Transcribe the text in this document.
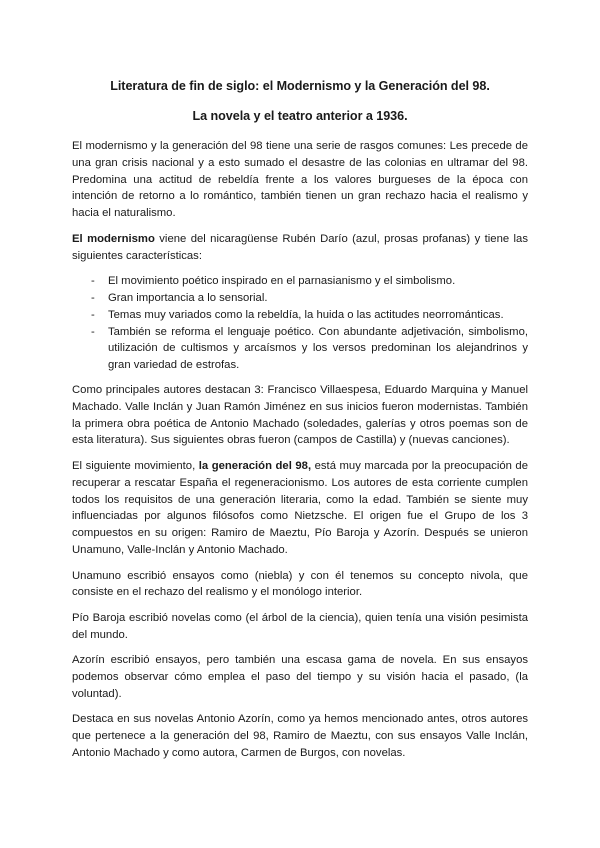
Literatura de fin de siglo: el Modernismo y la Generación del 98.
La novela y el teatro anterior a 1936.

El modernismo y la generación del 98 tiene una serie de rasgos comunes: Les precede de una gran crisis nacional y a esto sumado el desastre de las colonias en ultramar del 98. Predomina una actitud de rebeldía frente a los valores burgueses de la época con intención de retorno a lo romántico, también tienen un gran rechazo hacia el realismo y hacia el naturalismo.

El modernismo viene del nicaragüense Rubén Darío (azul, prosas profanas) y tiene las siguientes características:

- El movimiento poético inspirado en el parnasianismo y el simbolismo.
- Gran importancia a lo sensorial.
- Temas muy variados como la rebeldía, la huida o las actitudes neorrománticas.
- También se reforma el lenguaje poético. Con abundante adjetivación, simbolismo, utilización de cultismos y arcaísmos y los versos predominan los alejandrinos y gran variedad de estrofas.

Como principales autores destacan 3: Francisco Villaespesa, Eduardo Marquina y Manuel Machado. Valle Inclán y Juan Ramón Jiménez en sus inicios fueron modernistas. También la primera obra poética de Antonio Machado (soledades, galerías y otros poemas son de esta literatura). Sus siguientes obras fueron (campos de Castilla) y (nuevas canciones).

El siguiente movimiento, la generación del 98, está muy marcada por la preocupación de recuperar a rescatar España el regeneracionismo. Los autores de esta corriente cumplen todos los requisitos de una generación literaria, como la edad. También se siente muy influenciadas por algunos filósofos como Nietzsche. El origen fue el Grupo de los 3 compuestos en su origen: Ramiro de Maeztu, Pío Baroja y Azorín. Después se unieron Unamuno, Valle-Inclán y Antonio Machado.

Unamuno escribió ensayos como (niebla) y con él tenemos su concepto nivola, que consiste en el rechazo del realismo y el monólogo interior.

Pío Baroja escribió novelas como (el árbol de la ciencia), quien tenía una visión pesimista del mundo.

Azorín escribió ensayos, pero también una escasa gama de novela. En sus ensayos podemos observar cómo emplea el paso del tiempo y su visión hacia el pasado, (la voluntad).

Destaca en sus novelas Antonio Azorín, como ya hemos mencionado antes, otros autores que pertenece a la generación del 98, Ramiro de Maeztu, con sus ensayos Valle Inclán, Antonio Machado y como autora, Carmen de Burgos, con novelas.
